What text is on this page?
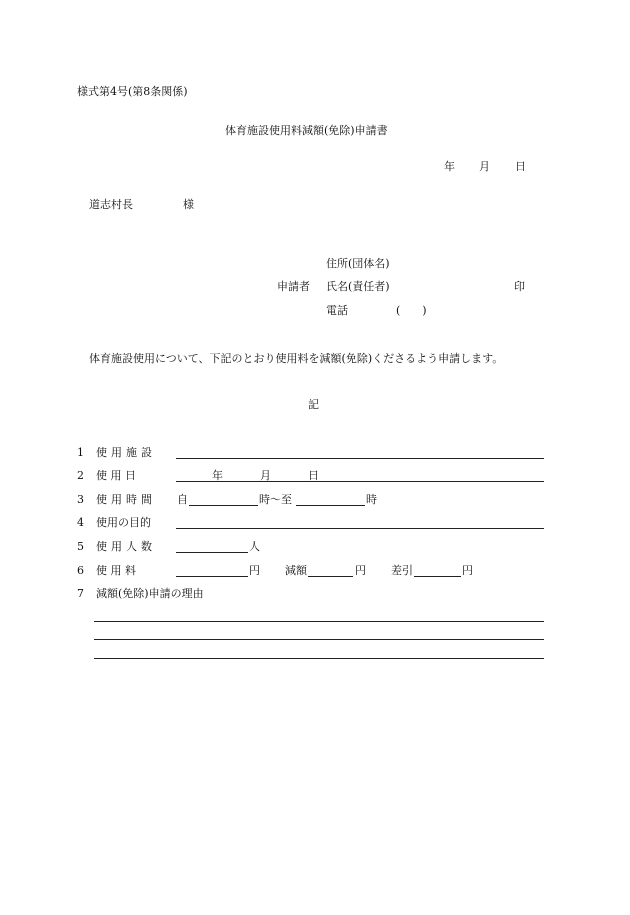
様式第4号(第8条関係)
体育施設使用料減額(免除)申請書
年 月 日
道志村長	様
住所(団体名)
申請者 氏名(責任者)	印
電話	(　　)
体育施設使用について、下記のとおり使用料を減額(免除)くださるよう申請します。
記
1 使用施設
2 使 用 日	年	月	日
3 使用時間 自	時〜至	時
4 使用の目的
5 使用人数	人
6 使 用 料	円 減額	円 差引	円
7 減額(免除)申請の理由
